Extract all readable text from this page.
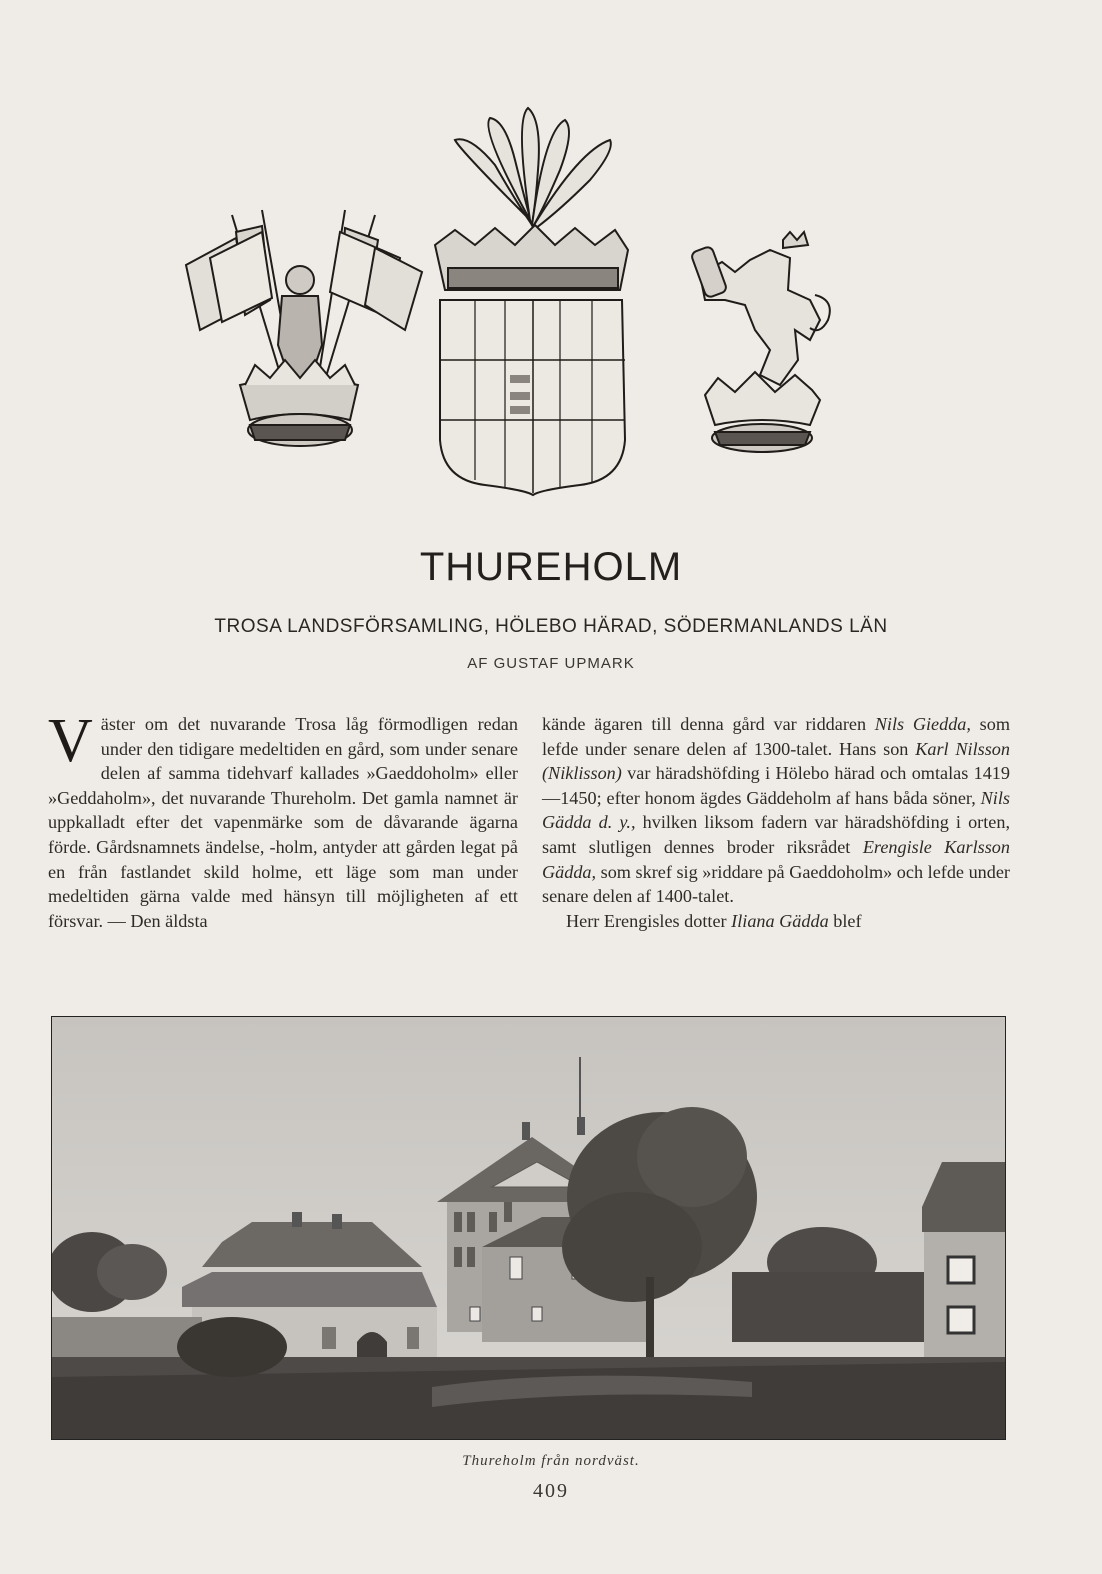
THUREHOLM
TROSA LANDSFÖRSAMLING, HÖLEBO HÄRAD, SÖDERMANLANDS LÄN
AF GUSTAF UPMARK
V äster om det nuvarande Trosa låg förmodligen redan under den tidigare medeltiden en gård, som under senare delen af samma tidehvarf kallades »Gaeddoholm» eller »Geddaholm», det nuvarande Thureholm. Det gamla namnet är uppkalladt efter det vapenmärke som de dåvarande ägarna förde. Gårdsnamnets ändelse, -holm, antyder att gården legat på en från fastlandet skild holme, ett läge som man under medeltiden gärna valde med hänsyn till möjligheten af ett försvar. — Den äldsta
kände ägaren till denna gård var riddaren Nils Giedda, som lefde under senare delen af 1300-talet. Hans son Karl Nilsson (Niklisson) var häradshöfding i Hölebo härad och omtalas 1419 —1450; efter honom ägdes Gäddeholm af hans båda söner, Nils Gädda d. y., hvilken liksom fadern var häradshöfding i orten, samt slutligen dennes broder riksrådet Erengisle Karlsson Gädda, som skref sig »riddare på Gaeddoholm» och lefde under senare delen af 1400-talet.
Herr Erengisles dotter Iliana Gädda blef
Thureholm från nordväst.
409
